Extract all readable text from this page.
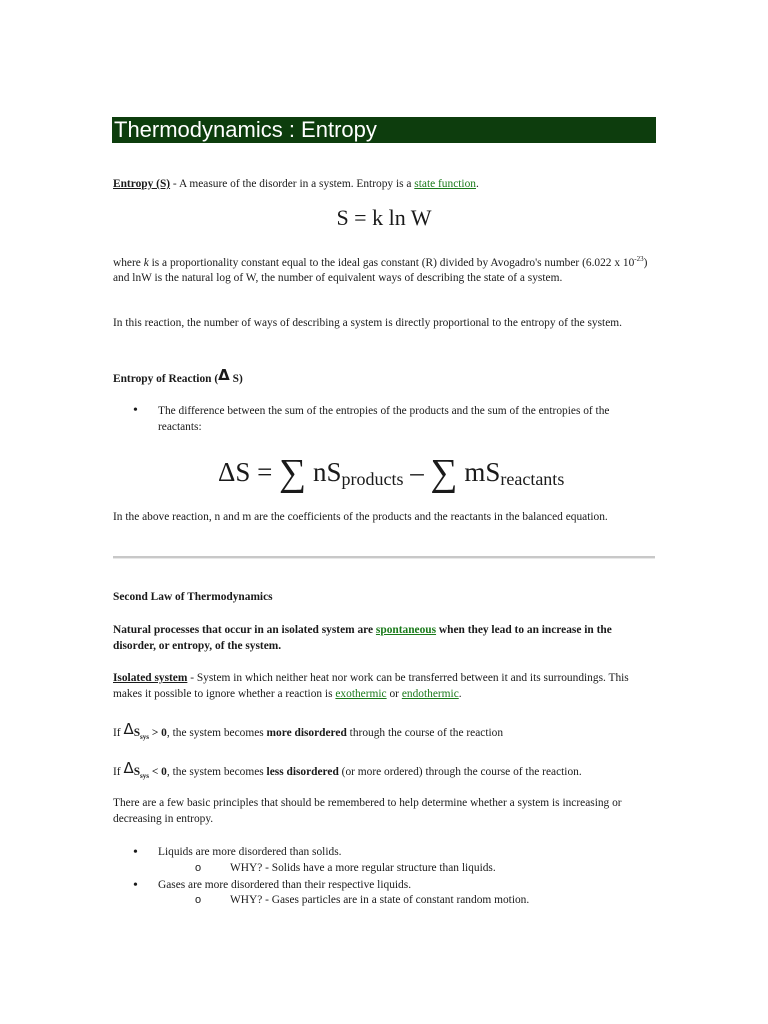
Thermodynamics : Entropy

Entropy (S) - A measure of the disorder in a system. Entropy is a state function.

S = k ln W

where k is a proportionality constant equal to the ideal gas constant (R) divided by Avogadro's number (6.022 x $10^{-23}$) and lnW is the natural log of W, the number of equivalent ways of describing the state of a system.

In this reaction, the number of ways of describing a system is directly proportional to the entropy of the system.

Entropy of Reaction (Δ S)

• The difference between the sum of the entropies of the products and the sum of the entropies of the reactants:

ΔS = ∑ $nS_{products}$ – ∑ $mS_{reactants}$

In the above reaction, n and m are the coefficients of the products and the reactants in the balanced equation.

Second Law of Thermodynamics

Natural processes that occur in an isolated system are spontaneous when they lead to an increase in the disorder, or entropy, of the system.

Isolated system - System in which neither heat nor work can be transferred between it and its surroundings. This makes it possible to ignore whether a reaction is exothermic or endothermic.

If $\Delta S_{sys} > 0$, the system becomes more disordered through the course of the reaction

If $\Delta S_{sys} < 0$, the system becomes less disordered (or more ordered) through the course of the reaction.

There are a few basic principles that should be remembered to help determine whether a system is increasing or decreasing in entropy.

• Liquids are more disordered than solids.

o	WHY? - Solids have a more regular structure than liquids.

• Gases are more disordered than their respective liquids.

o	WHY? - Gases particles are in a state of constant random motion.
